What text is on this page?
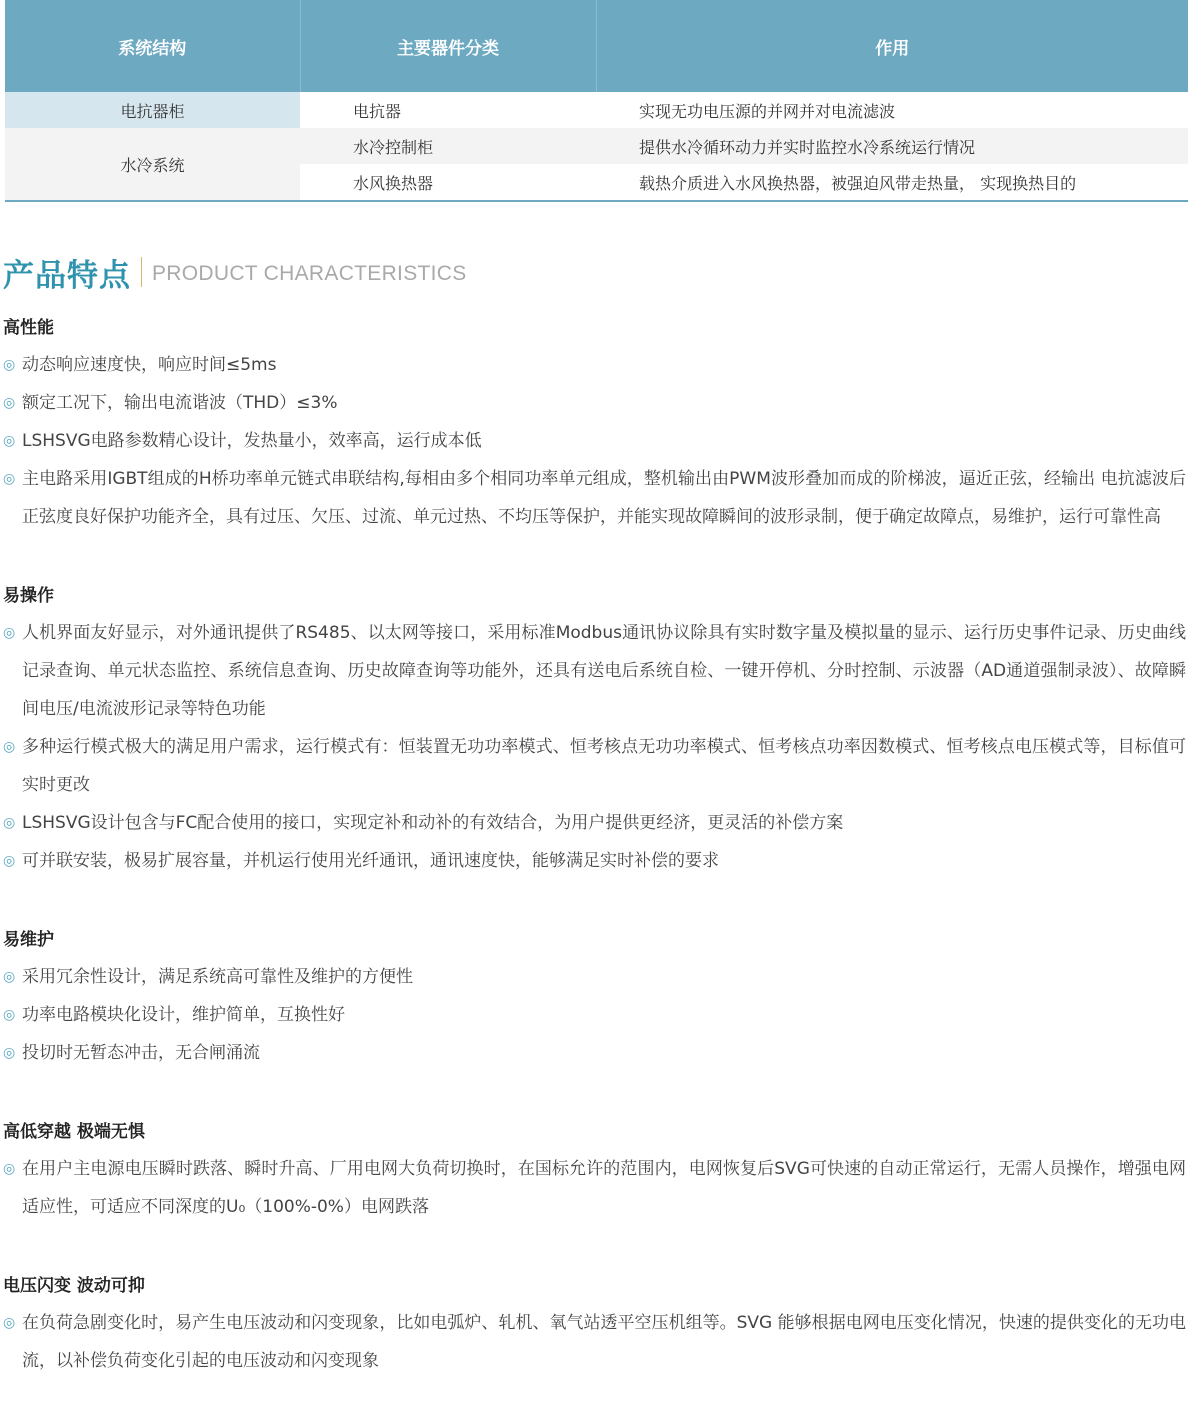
系统结构	主要器件分类	作用
电抗器柜	电抗器	实现无功电压源的并网并对电流滤波
水冷系统	水冷控制柜	提供水冷循环动力并实时监控水冷系统运行情况
	水风换热器	载热介质进入水风换热器，被强迫风带走热量， 实现换热目的
产品特点 PRODUCT CHARACTERISTICS
高性能
◎ 动态响应速度快，响应时间≤5ms
◎ 额定工况下，输出电流谐波（THD）≤3%
◎ LSHSVG电路参数精心设计，发热量小，效率高，运行成本低
◎ 主电路采用IGBT组成的H桥功率单元链式串联结构,每相由多个相同功率单元组成，整机输出由PWM波形叠加而成的阶梯波，逼近正弦，经输出 电抗滤波后正弦度良好保护功能齐全，具有过压、欠压、过流、单元过热、不均压等保护，并能实现故障瞬间的波形录制，便于确定故障点，易维护，运行可靠性高
易操作
◎ 人机界面友好显示，对外通讯提供了RS485、以太网等接口，采用标准Modbus通讯协议除具有实时数字量及模拟量的显示、运行历史事件记录、历史曲线记录查询、单元状态监控、系统信息查询、历史故障查询等功能外，还具有送电后系统自检、一键开停机、分时控制、示波器（AD通道强制录波）、故障瞬间电压/电流波形记录等特色功能
◎ 多种运行模式极大的满足用户需求，运行模式有：恒装置无功功率模式、恒考核点无功功率模式、恒考核点功率因数模式、恒考核点电压模式等，目标值可实时更改
◎ LSHSVG设计包含与FC配合使用的接口，实现定补和动补的有效结合，为用户提供更经济，更灵活的补偿方案
◎ 可并联安装，极易扩展容量，并机运行使用光纤通讯，通讯速度快，能够满足实时补偿的要求
易维护
◎ 采用冗余性设计，满足系统高可靠性及维护的方便性
◎ 功率电路模块化设计，维护简单，互换性好
◎ 投切时无暂态冲击，无合闸涌流
高低穿越 极端无惧
◎ 在用户主电源电压瞬时跌落、瞬时升高、厂用电网大负荷切换时，在国标允许的范围内，电网恢复后SVG可快速的自动正常运行，无需人员操作，增强电网适应性，可适应不同深度的U₀（100%-0%）电网跌落
电压闪变 波动可抑
◎ 在负荷急剧变化时，易产生电压波动和闪变现象，比如电弧炉、轧机、氧气站透平空压机组等。SVG 能够根据电网电压变化情况，快速的提供变化的无功电流，以补偿负荷变化引起的电压波动和闪变现象
